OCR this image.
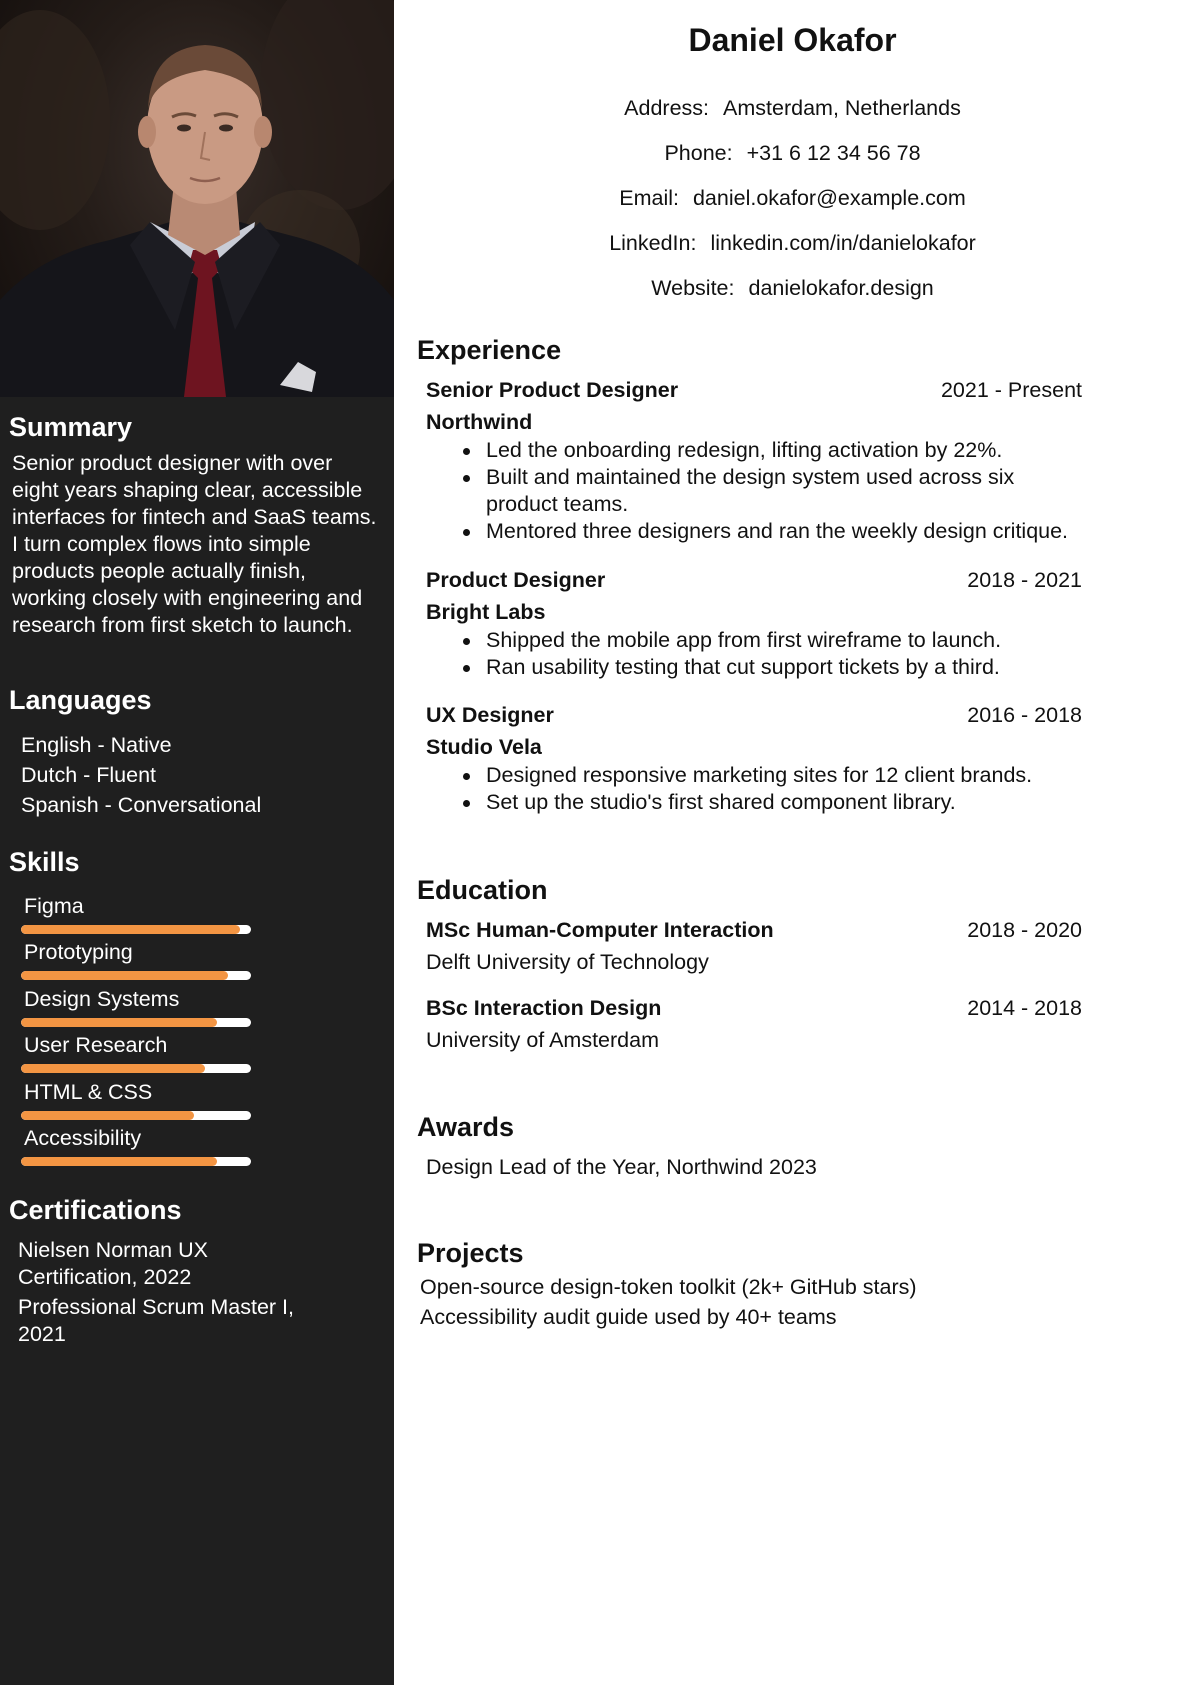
Summary

Senior product designer with over eight years shaping clear, accessible interfaces for fintech and SaaS teams. I turn complex flows into simple products people actually finish, working closely with engineering and research from first sketch to launch.

Languages
English - Native
Dutch - Fluent
Spanish - Conversational
Skills
Figma
Prototyping
Design Systems
User Research
HTML & CSS
Accessibility
Certifications
Nielsen Norman UX Certification, 2022
Professional Scrum Master I, 2021
Daniel Okafor
Address: Amsterdam, Netherlands
Phone: +31 6 12 34 56 78
Email: daniel.okafor@example.com
LinkedIn: linkedin.com/in/danielokafor
Website: danielokafor.design
Experience
Senior Product Designer	2021 - Present
Northwind
Led the onboarding redesign, lifting activation by 22%.
Built and maintained the design system used across six product teams.
Mentored three designers and ran the weekly design critique.
Product Designer	2018 - 2021
Bright Labs
Shipped the mobile app from first wireframe to launch.
Ran usability testing that cut support tickets by a third.
UX Designer	2016 - 2018
Studio Vela
Designed responsive marketing sites for 12 client brands.
Set up the studio's first shared component library.
Education
MSc Human-Computer Interaction	2018 - 2020
Delft University of Technology
BSc Interaction Design	2014 - 2018
University of Amsterdam
Awards
Design Lead of the Year, Northwind 2023
Projects
Open-source design-token toolkit (2k+ GitHub stars)
Accessibility audit guide used by 40+ teams
